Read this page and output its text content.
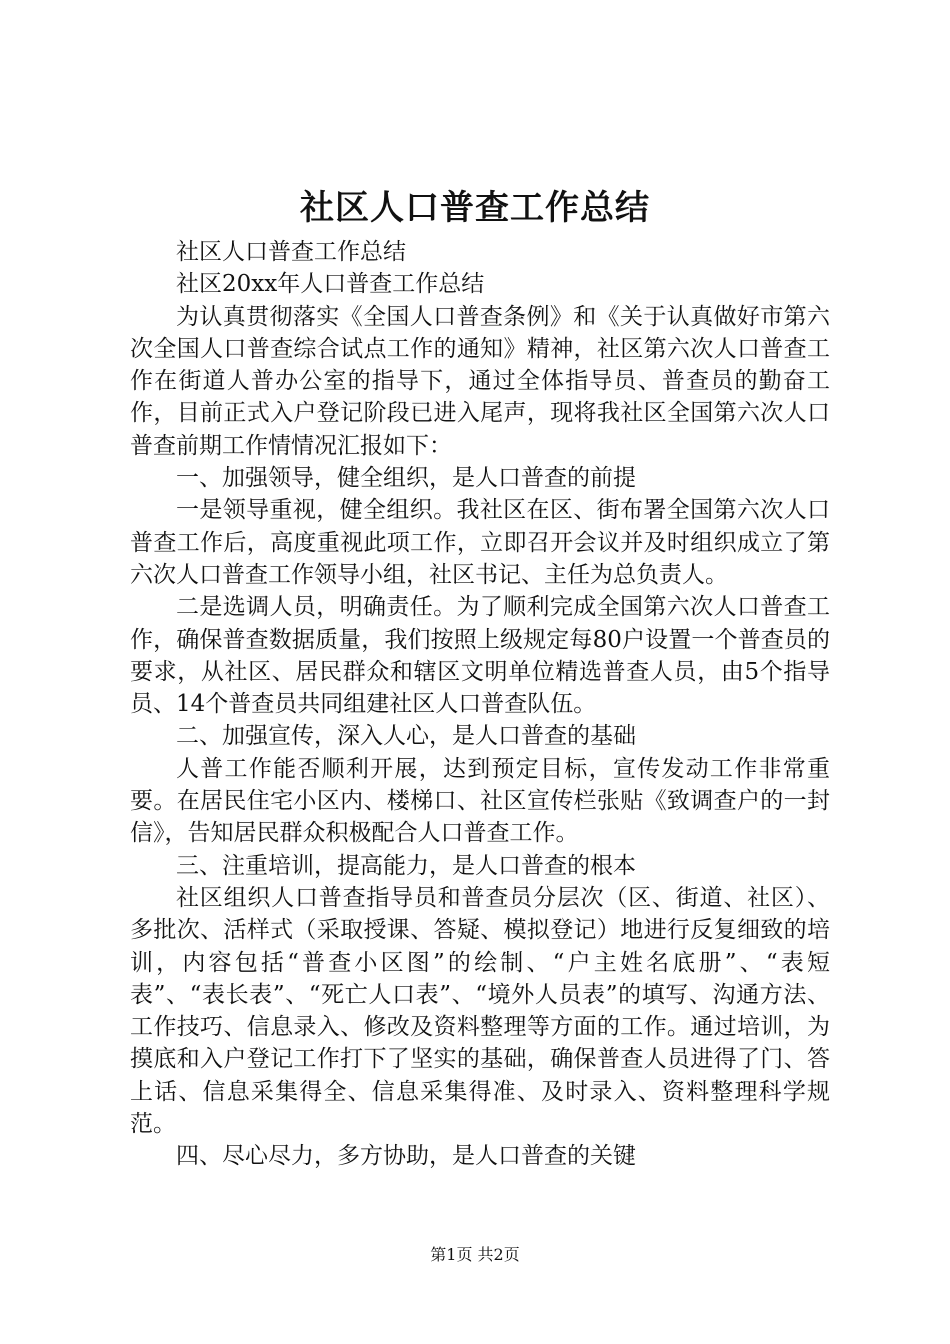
社区人口普查工作总结

社区人口普查工作总结

社区20xx年人口普查工作总结

为认真贯彻落实《全国人口普查条例》和《关于认真做好市第六次全国人口普查综合试点工作的通知》精神，社区第六次人口普查工作在街道人普办公室的指导下，通过全体指导员、普查员的勤奋工作，目前正式入户登记阶段已进入尾声，现将我社区全国第六次人口普查前期工作情情况汇报如下：

一、加强领导，健全组织，是人口普查的前提

一是领导重视，健全组织。我社区在区、街布署全国第六次人口普查工作后，高度重视此项工作，立即召开会议并及时组织成立了第六次人口普查工作领导小组，社区书记、主任为总负责人。

二是选调人员，明确责任。为了顺利完成全国第六次人口普查工作，确保普查数据质量，我们按照上级规定每80户设置一个普查员的要求，从社区、居民群众和辖区文明单位精选普查人员，由5个指导员、14个普查员共同组建社区人口普查队伍。

二、加强宣传，深入人心，是人口普查的基础

人普工作能否顺利开展，达到预定目标，宣传发动工作非常重要。在居民住宅小区内、楼梯口、社区宣传栏张贴《致调查户的一封信》，告知居民群众积极配合人口普查工作。

三、注重培训，提高能力，是人口普查的根本

社区组织人口普查指导员和普查员分层次（区、街道、社区）、多批次、活样式（采取授课、答疑、模拟登记）地进行反复细致的培训，内容包括“普查小区图”的绘制、“户主姓名底册”、“表短表”、“表长表”、“死亡人口表”、“境外人员表”的填写、沟通方法、工作技巧、信息录入、修改及资料整理等方面的工作。通过培训，为摸底和入户登记工作打下了坚实的基础，确保普查人员进得了门、答上话、信息采集得全、信息采集得准、及时录入、资料整理科学规范。

四、尽心尽力，多方协助，是人口普查的关键

第1页 共2页
